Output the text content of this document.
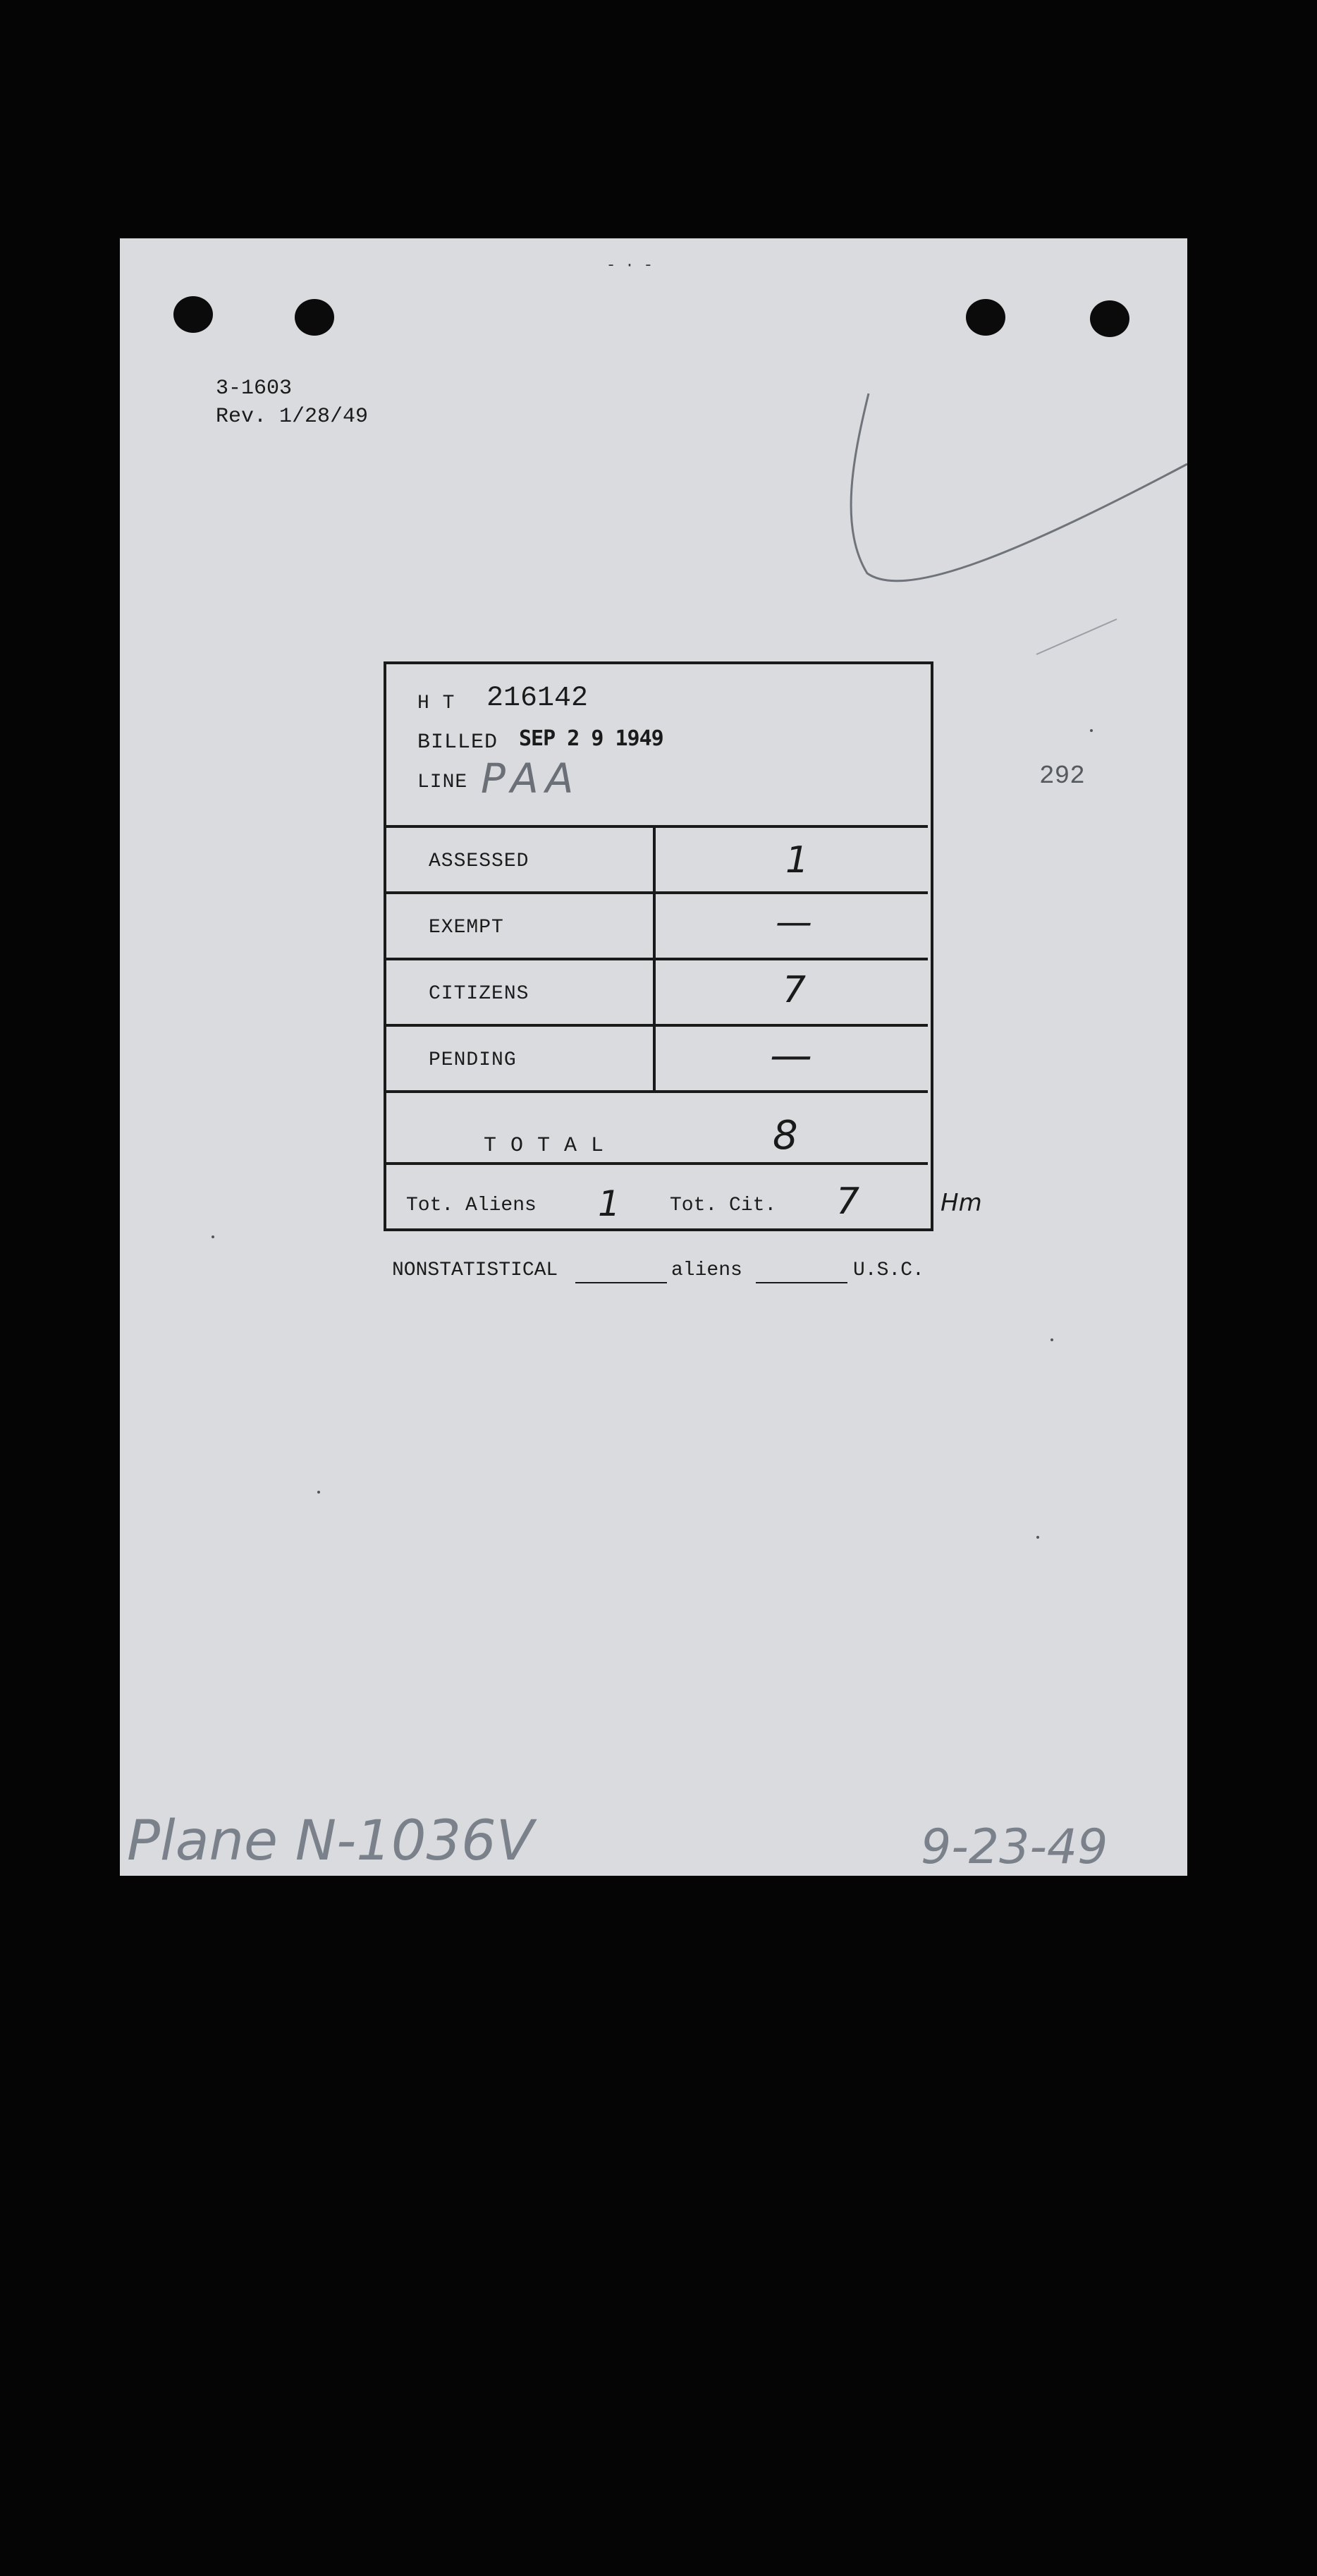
- · -
3-1603
Rev. 1/28/49
292
H T 216142
BILLED SEP 2 9 1949
LINE PAA
ASSESSED	1
EXEMPT	—
CITIZENS	7
PENDING	—
T O T A L	8
Tot. Aliens 1	Tot. Cit. 7	Hm
NONSTATISTICAL	aliens	U.S.C.
Plane N-1036V	9-23-49
